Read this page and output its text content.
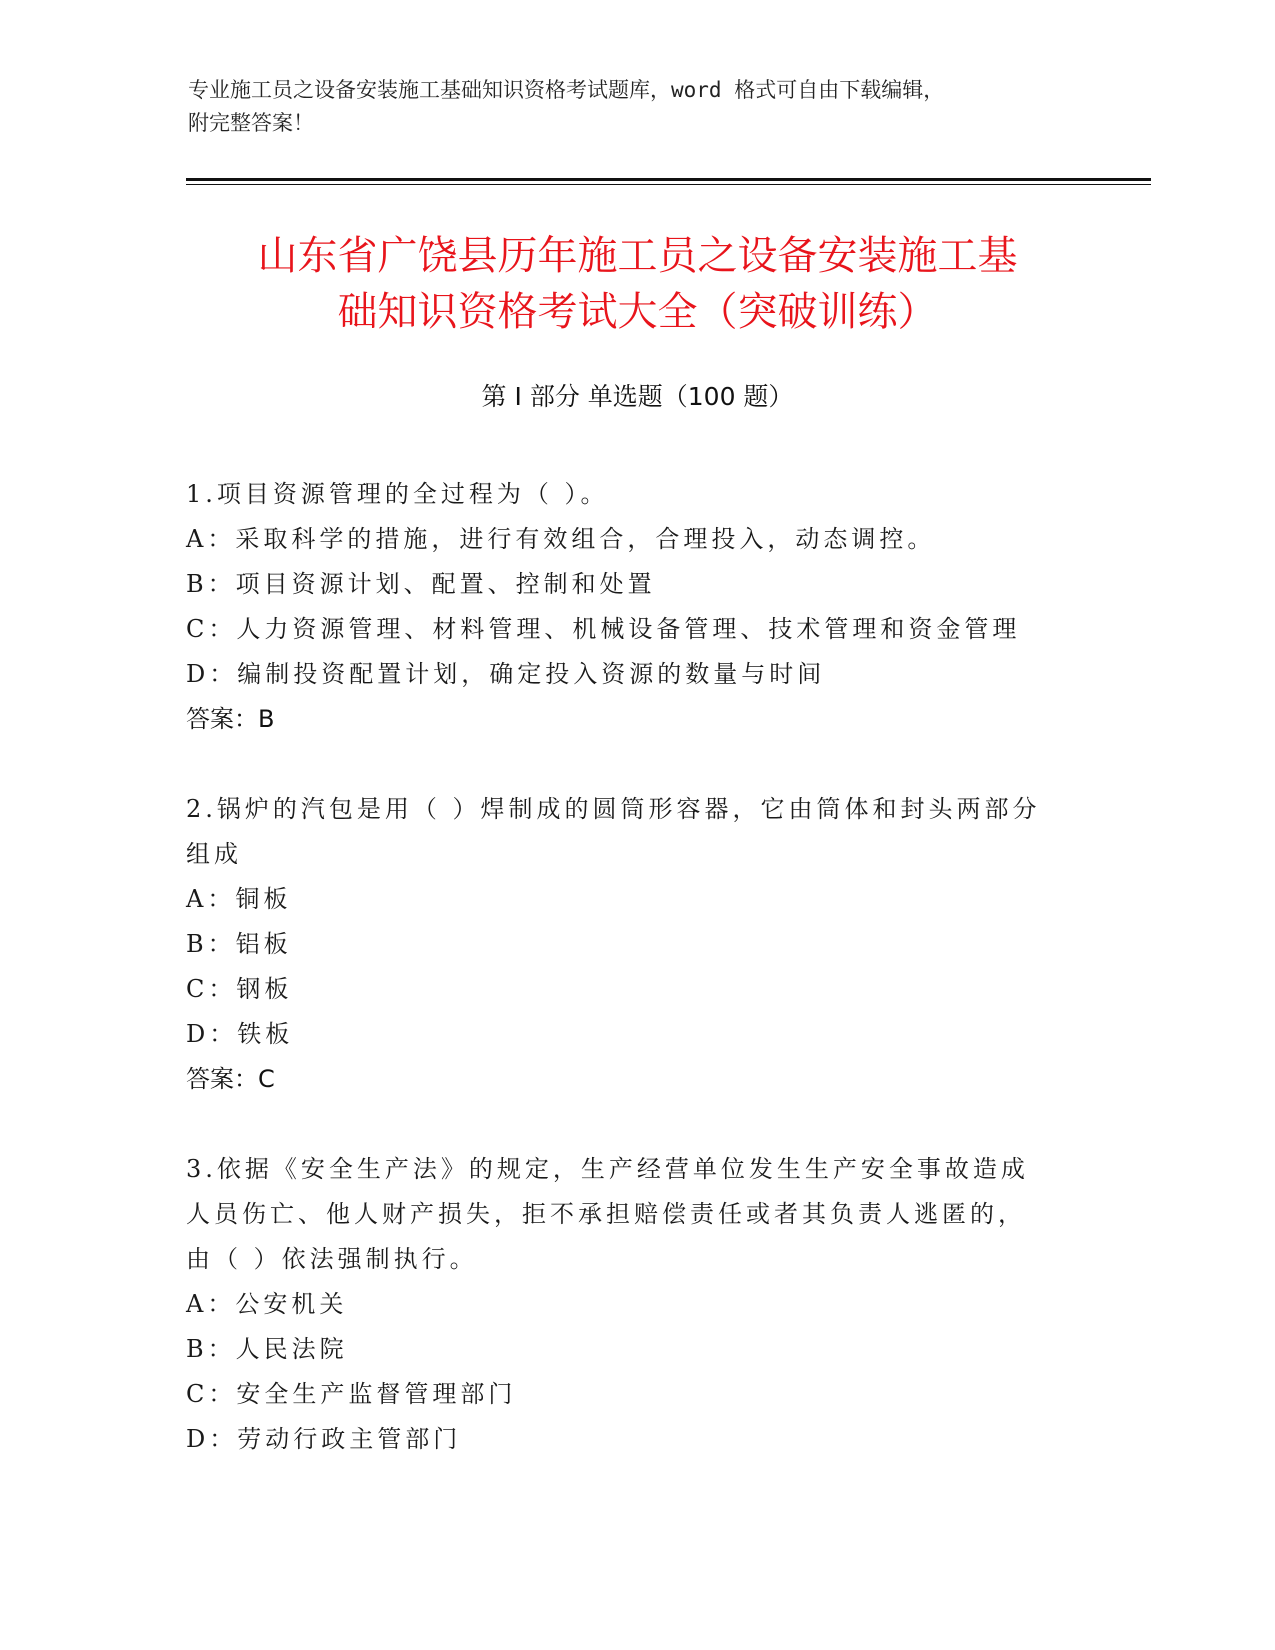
专业施工员之设备安装施工基础知识资格考试题库，word 格式可自由下载编辑，
附完整答案！
山东省广饶县历年施工员之设备安装施工基
础知识资格考试大全（突破训练）
第 I 部分 单选题（100 题）
1.项目资源管理的全过程为（ ）。
A：采取科学的措施，进行有效组合，合理投入，动态调控。
B：项目资源计划、配置、控制和处置
C：人力资源管理、材料管理、机械设备管理、技术管理和资金管理
D：编制投资配置计划，确定投入资源的数量与时间
答案：B
2.锅炉的汽包是用（ ）焊制成的圆筒形容器，它由筒体和封头两部分
组成
A：铜板
B：铝板
C：钢板
D：铁板
答案：C
3.依据《安全生产法》的规定，生产经营单位发生生产安全事故造成
人员伤亡、他人财产损失，拒不承担赔偿责任或者其负责人逃匿的，
由（ ）依法强制执行。
A：公安机关
B：人民法院
C：安全生产监督管理部门
D：劳动行政主管部门
